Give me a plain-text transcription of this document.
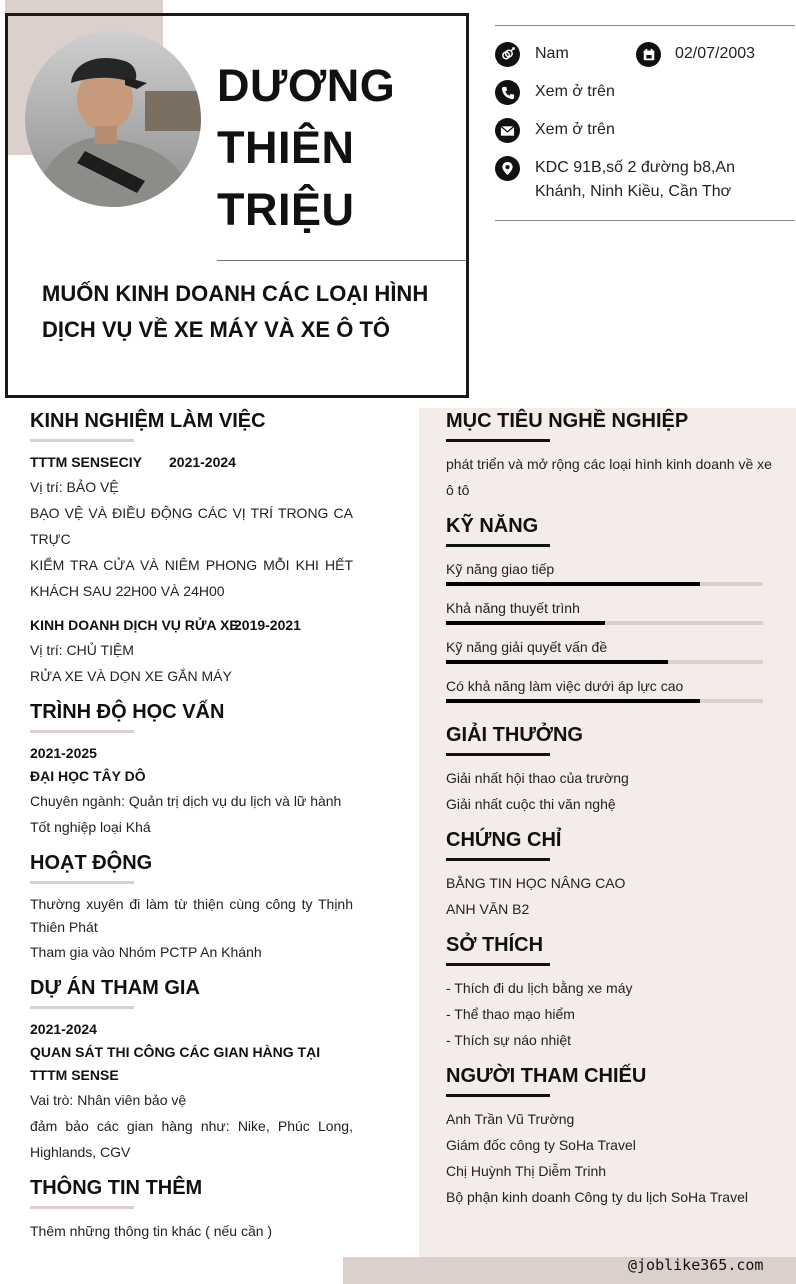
DƯƠNG
THIÊN
TRIỆU
MUỐN KINH DOANH CÁC LOẠI HÌNH DỊCH VỤ VỀ XE MÁY VÀ XE Ô TÔ
Nam	02/07/2003
Xem ở trên
Xem ở trên
KDC 91B,số 2 đường b8,An Khánh, Ninh Kiều, Cần Thơ
KINH NGHIỆM LÀM VIỆC
TTTM SENSECIY 2021-2024
Vị trí: BẢO VỆ
BẠO VỆ VÀ ĐIỀU ĐỘNG CÁC VỊ TRÍ TRONG CA TRỰC
KIỂM TRA CỬA VÀ NIÊM PHONG MỖI KHI HẾT KHÁCH SAU 22H00 VÀ 24H00
KINH DOANH DỊCH VỤ RỬA XE
2019-2021
Vị trí: CHỦ TIỆM
RỬA XE VÀ DỌN XE GẮN MÁY
TRÌNH ĐỘ HỌC VẤN
2021-2025
ĐẠI HỌC TÂY DÔ
Chuyên ngành: Quản trị dịch vụ du lịch và lữ hành
Tốt nghiệp loại Khá
HOẠT ĐỘNG
Thường xuyên đi làm từ thiện cùng công ty Thịnh Thiên Phát
Tham gia vào Nhóm PCTP An Khánh
DỰ ÁN THAM GIA
2021-2024
QUAN SÁT THI CÔNG CÁC GIAN HÀNG TẠI TTTM SENSE
Vai trò: Nhân viên bảo vệ
đảm bảo các gian hàng như: Nike, Phúc Long, Highlands, CGV
THÔNG TIN THÊM
Thêm những thông tin khác ( nếu cần )
MỤC TIÊU NGHỀ NGHIỆP
phát triển và mở rộng các loại hình kinh doanh về xe ô tô
KỸ NĂNG
Kỹ năng giao tiếp
Khả năng thuyết trình
Kỹ năng giải quyết vấn đề
Có khả năng làm việc dưới áp lực cao
GIẢI THƯỞNG
Giải nhất hội thao của trường
Giải nhất cuộc thi văn nghệ
CHỨNG CHỈ
BẰNG TIN HỌC NÂNG CAO
ANH VĂN B2
SỞ THÍCH
- Thích đi du lịch bằng xe máy
- Thể thao mạo hiểm
- Thích sự náo nhiệt
NGƯỜI THAM CHIẾU
Anh Trần Vũ Trường
Giám đốc công ty SoHa Travel
Chị Huỳnh Thị Diễm Trinh
Bộ phận kinh doanh Công ty du lịch SoHa Travel
@joblike365.com
